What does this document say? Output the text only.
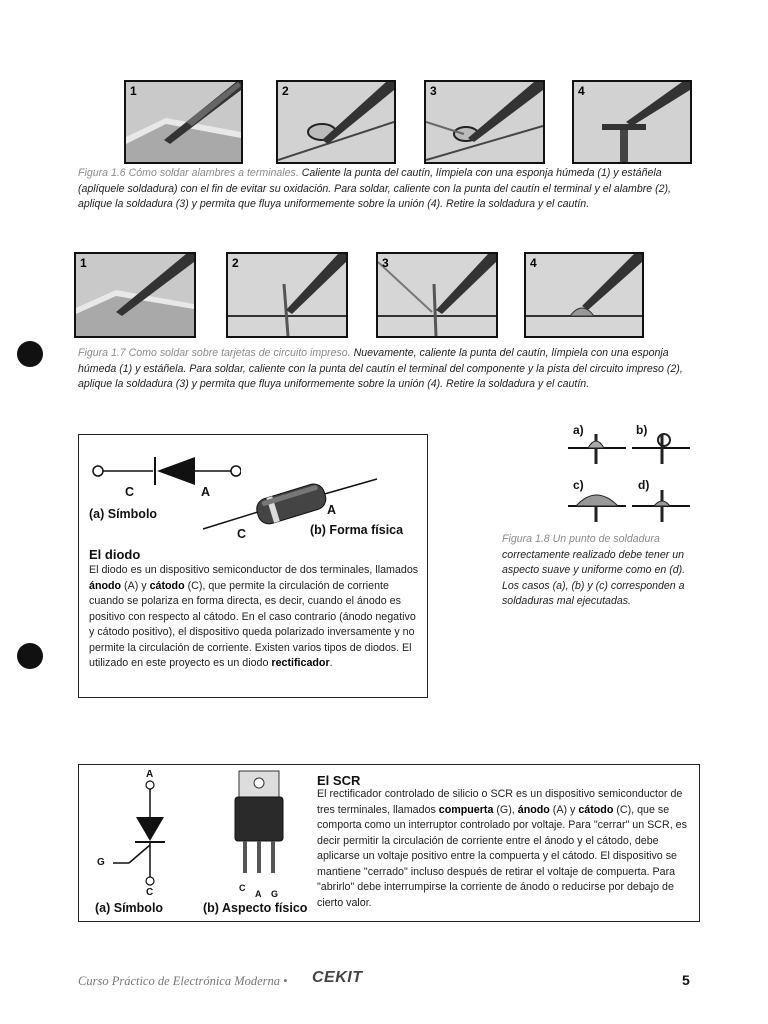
1	2	3	4
Figura 1.6 Cómo soldar alambres a terminales. Caliente la punta del cautín, límpiela con una esponja húmeda (1) y estáñela (aplíquele soldadura) con el fin de evitar su oxidación. Para soldar, caliente con la punta del cautín el terminal y el alambre (2), aplique la soldadura (3) y permita que fluya uniformemente sobre la unión (4). Retire la soldadura y el cautín.
1	2	3	4
Figura 1.7 Como soldar sobre tarjetas de circuito impreso. Nuevamente, caliente la punta del cautín, límpiela con una esponja húmeda (1) y estáñela. Para soldar, caliente con la punta del cautín el terminal del componente y la pista del circuito impreso (2), aplique la soldadura (3) y permita que fluya uniformemente sobre la unión (4). Retire la soldadura y el cautín.
a)	b)
c)	d)
Figura 1.8 Un punto de soldadura correctamente realizado debe tener un aspecto suave y uniforme como en (d). Los casos (a), (b) y (c) corresponden a soldaduras mal ejecutadas.
C	A
(a) Símbolo	A
C	(b) Forma física
El diodo
El diodo es un dispositivo semiconductor de dos terminales, llamados ánodo (A) y cátodo (C), que permite la circulación de corriente cuando se polariza en forma directa, es decir, cuando el ánodo es positivo con respecto al cátodo. En el caso contrario (ánodo negativo y cátodo positivo), el dispositivo queda polarizado inversamente y no permite la circulación de corriente. Existen varios tipos de diodos. El utilizado en este proyecto es un diodo rectificador.
A
G
C
(a) Símbolo
C
A G
(b) Aspecto físico
El SCR
El rectificador controlado de silicio o SCR es un dispositivo semiconductor de tres terminales, llamados compuerta (G), ánodo (A) y cátodo (C), que se comporta como un interruptor controlado por voltaje. Para "cerrar" un SCR, es decir permitir la circulación de corriente entre el ánodo y el cátodo, debe aplicarse un voltaje positivo entre la compuerta y el cátodo. El dispositivo se mantiene "cerrado" incluso después de retirar el voltaje de compuerta. Para "abrirlo" debe interrumpirse la corriente de ánodo o reducirse por debajo de cierto valor.
Curso Práctico de Electrónica Moderna • CEKIT	5
